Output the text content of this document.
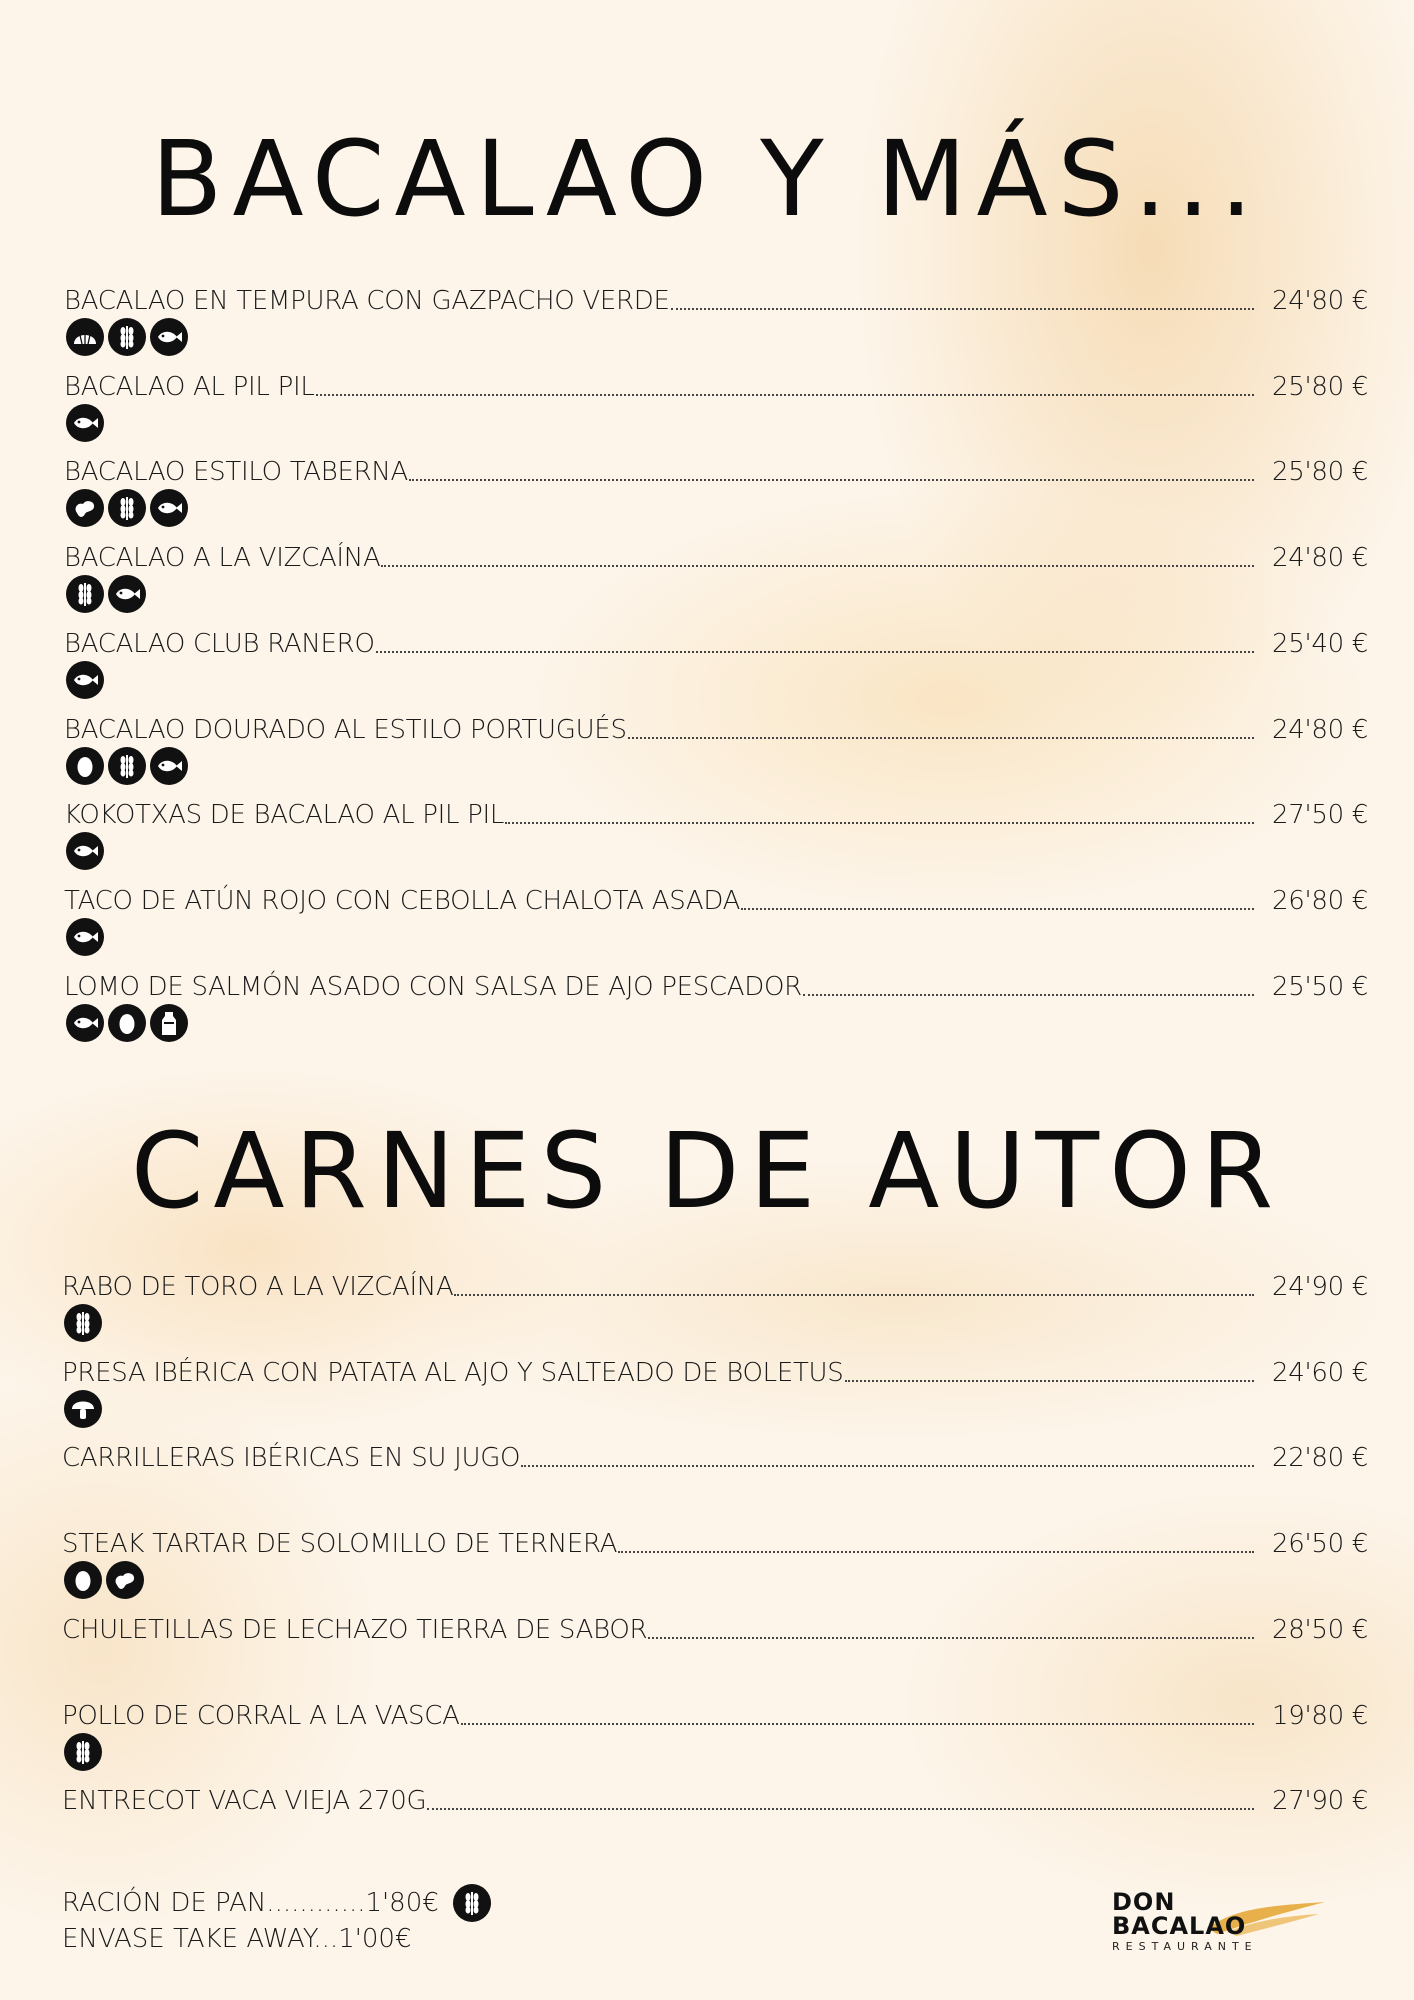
BACALAO Y MÁS...
BACALAO EN TEMPURA CON GAZPACHO VERDE	24'80 €
BACALAO AL PIL PIL	25'80 €
BACALAO ESTILO TABERNA	25'80 €
BACALAO A LA VIZCAÍNA	24'80 €
BACALAO CLUB RANERO	25'40 €
BACALAO DOURADO AL ESTILO PORTUGUÉS	24'80 €
KOKOTXAS DE BACALAO AL PIL PIL	27'50 €
TACO DE ATÚN ROJO CON CEBOLLA CHALOTA ASADA	26'80 €
LOMO DE SALMÓN ASADO CON SALSA DE AJO PESCADOR	25'50 €
CARNES DE AUTOR
RABO DE TORO A LA VIZCAÍNA	24'90 €
PRESA IBÉRICA CON PATATA AL AJO Y SALTEADO DE BOLETUS	24'60 €
CARRILLERAS IBÉRICAS EN SU JUGO	22'80 €
STEAK TARTAR DE SOLOMILLO DE TERNERA	26'50 €
CHULETILLAS DE LECHAZO TIERRA DE SABOR	28'50 €
POLLO DE CORRAL A LA VASCA	19'80 €
ENTRECOT VACA VIEJA 270G	27'90 €
RACIÓN DE PAN............1'80€
ENVASE TAKE AWAY...1'00€
DON
BACALAO
RESTAURANTE
